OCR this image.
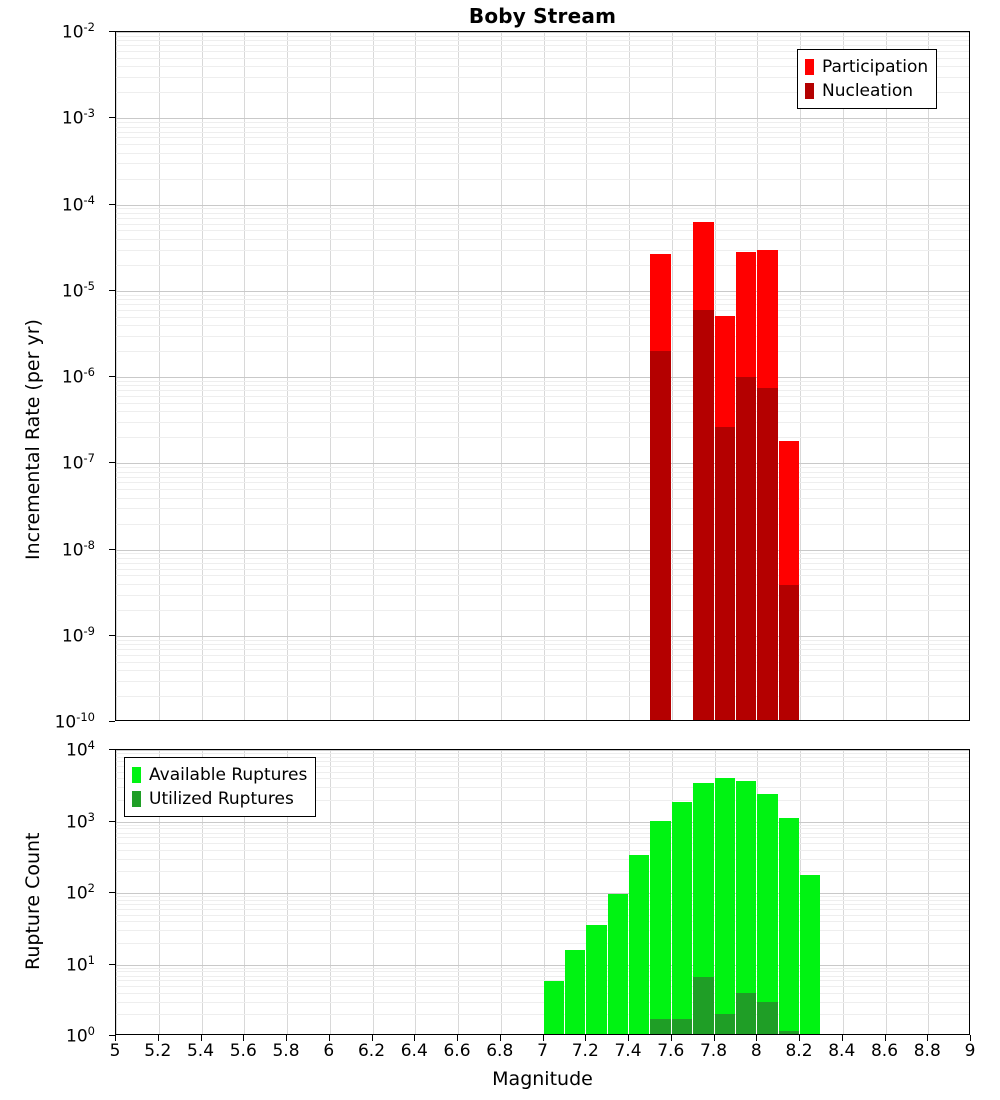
Boby Stream
Incremental Rate (per yr)
Rupture Count
Magnitude
$10^{-10}$
$10^{-9}$
$10^{-8}$
$10^{-7}$
$10^{-6}$
$10^{-5}$
$10^{-4}$
$10^{-3}$
$10^{-2}$
$10^0$
$10^1$
$10^2$
$10^3$
$10^4$
5	5.2 5.4 5.6 5.8	6	6.2 6.4 6.6 6.8	7	7.2 7.4 7.6 7.8	8	8.2 8.4 8.6 8.8	9
Participation
Nucleation
Available Ruptures
Utilized Ruptures
